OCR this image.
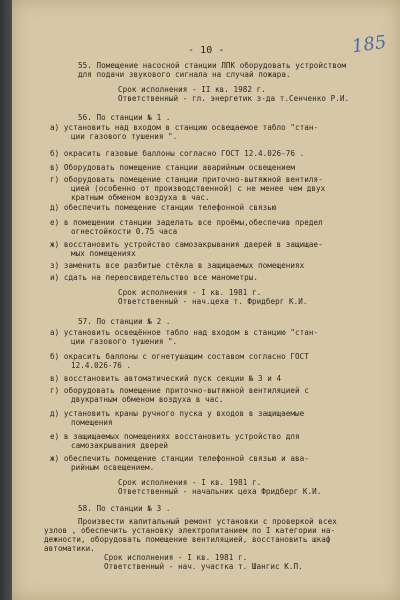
- 10 -	185
55. Помещение насосной станции ЛПК оборудовать устройством
для подачи звукового сигнала на случай пожара.
Срок исполнения - II кв. 1982 г.
Ответственный - гл. энергетик з-да т.Сенченко Р.И.
56. По станции № 1 .
а) установить над входом в станцию освещаемое табло "стан-
ции газового тушения ".
б) окрасить газовые баллоны согласно ГОСТ 12.4.026-76 .
в) Оборудовать помещение станции аварийным освещением
г) оборудовать помещение станции приточно-вытяжной вентиля-
цией (особенно от производственной) с не менее чем двух
кратным обменом воздуха в час.
д) обеспечить помещение станции телефонной связью
е) в помещении станции заделать все проёмы,обеспечив предел
огнестойкости 0.75 часа
ж) восстановить устройство самозакрывания дверей в защищае-
мых помещениях
з) заменить все разбитые стёкла в защищаемых помещениях
и) сдать на переосвидетельство все манометры.
Срок исполнения - I кв. 1981 г.
Ответственный - нач.цеха т. Фридберг К.И.
57. По станции № 2 .
а) установить освещённое табло над входом в станцию "стан-
ции газового тушения ".
б) окрасить баллоны с огнетушащим составом согласно ГОСТ
12.4.026-76 .
в) восстановить автоматический пуск секции № 3 и 4
г) оборудовать помещение приточно-вытяжной вентиляцией с
двукратным обменом воздуха в час.
д) установить краны ручного пуска у входов в защищаемые
помещения
е) в защищаемых помещениях восстановить устройство для
самозакрывания дверей
ж) обеспечить помещение станции телефонной связью и ава-
рийным освещением.
Срок исполнения - I кв. 1981 г.
Ответственный - начальник цеха Фридберг К.И.
58. По станции № 3 .
Произвести капитальный ремонт установки с проверкой всех
узлов , обеспечить установку электропитанием по I категории на-
дежности, оборудовать помещение вентиляцией, восстановить шкаф
автоматики.
Срок исполнения - I кв. 1981 г.
Ответственный - нач. участка т. Шангис К.П.
